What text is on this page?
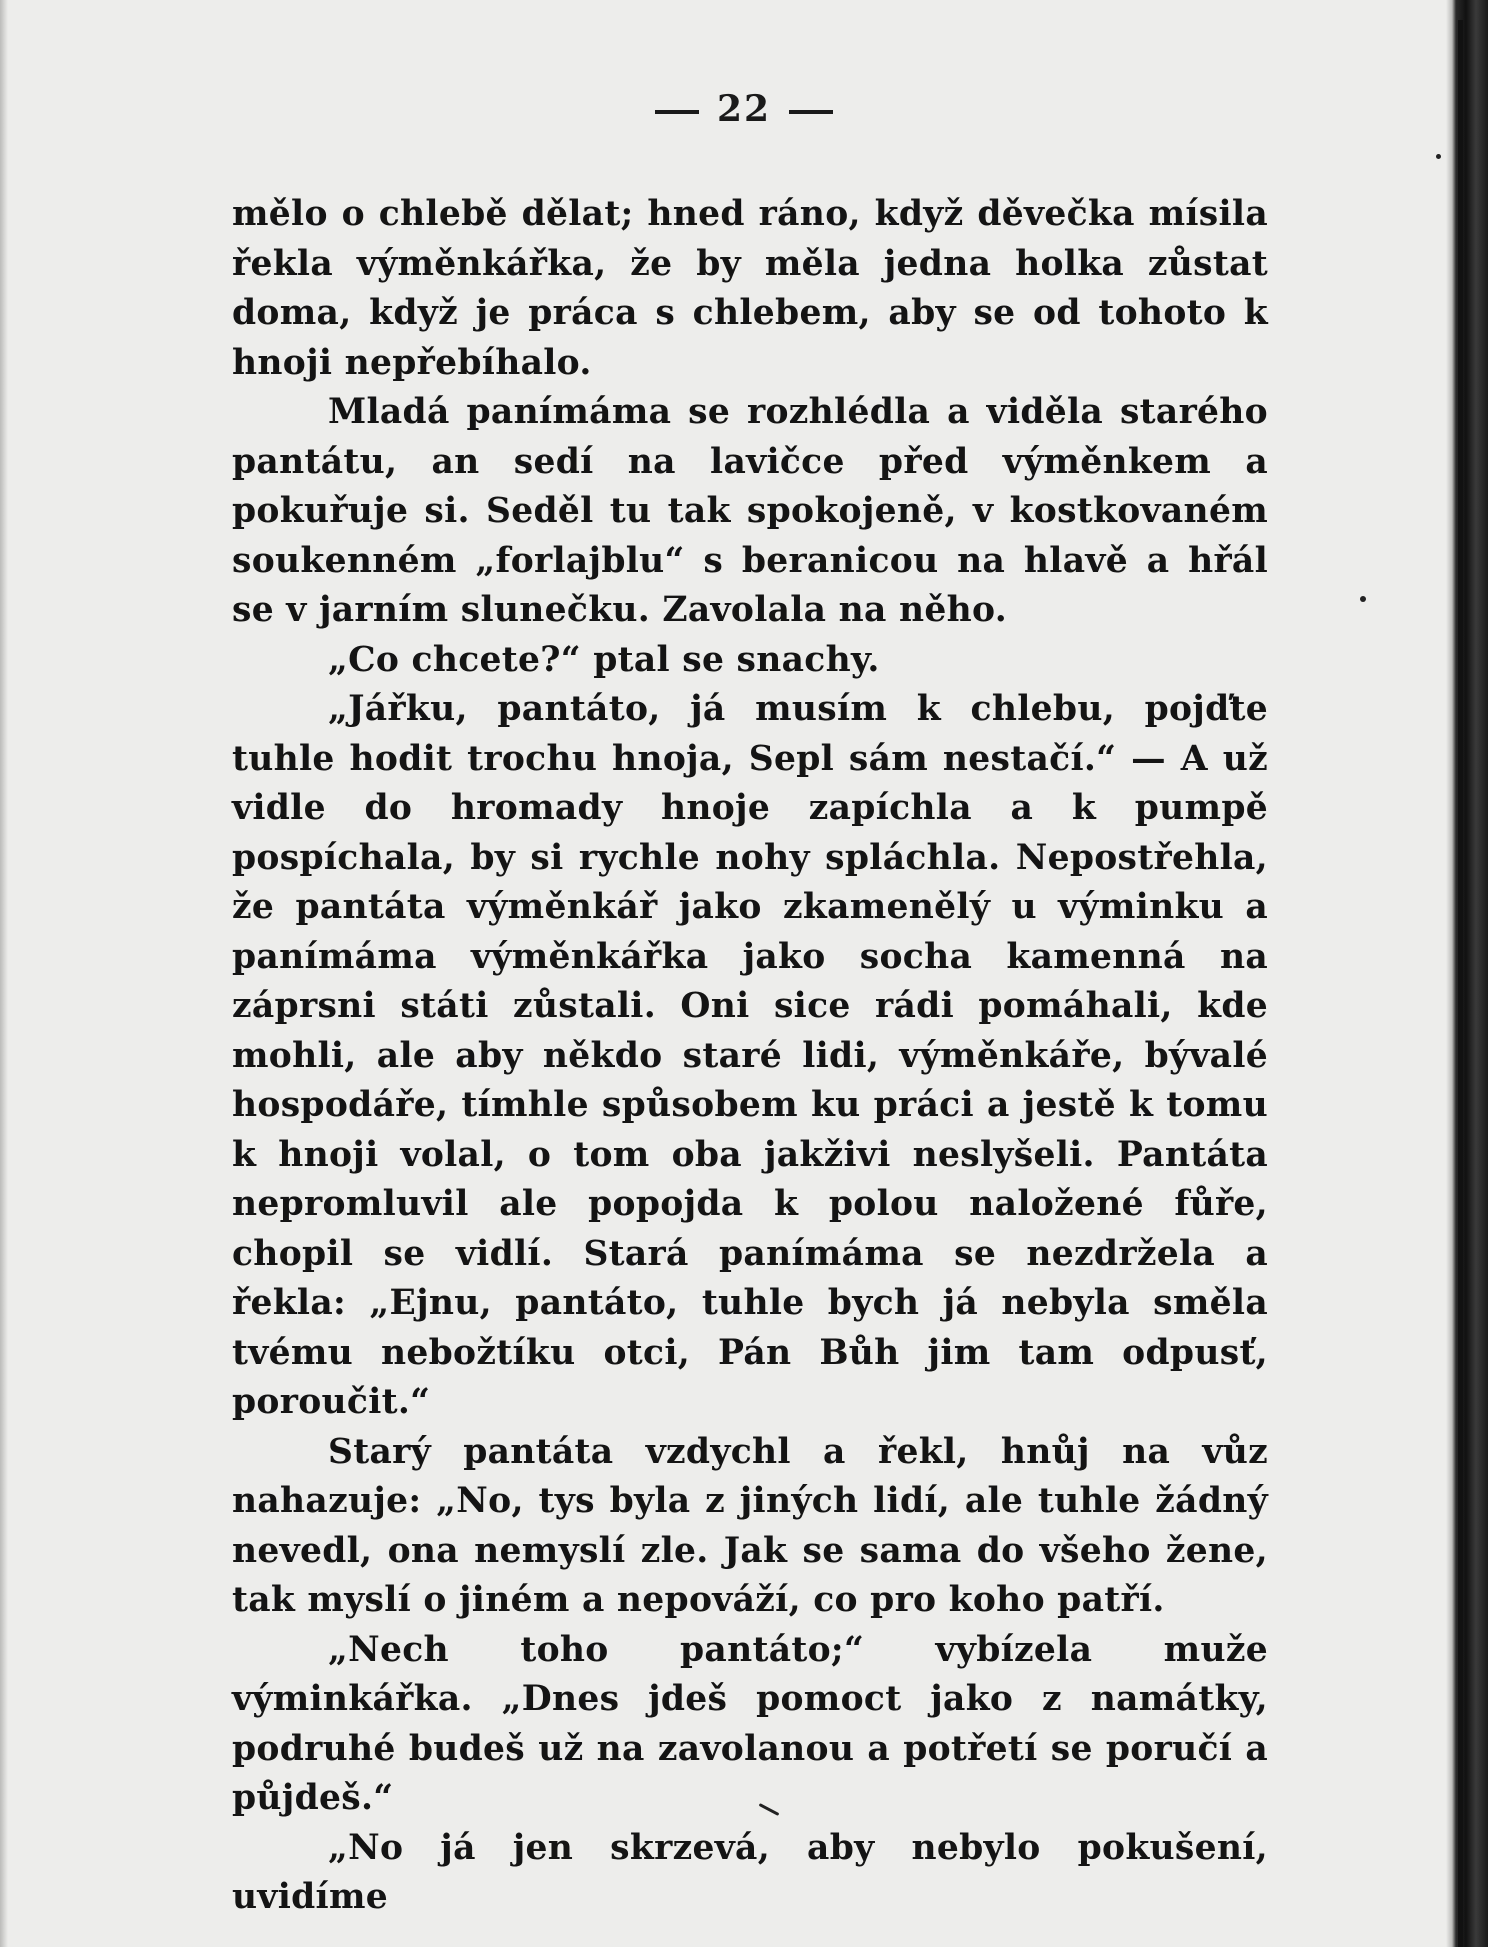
22

mělo o chlebě dělat; hned ráno, když děvečka mísila řekla výměnkářka, že by měla jedna holka zůstat doma, když je práca s chlebem, aby se od tohoto k hnoji nepřebíhalo.

Mladá panímáma se rozhlédla a viděla starého pantátu, an sedí na lavičce před výměnkem a pokuřuje si. Seděl tu tak spokojeně, v kostkovaném soukenném „forlajblu“ s beranicou na hlavě a hřál se v jarním slunečku. Zavolala na něho.

„Co chcete?“ ptal se snachy.

„Jářku, pantáto, já musím k chlebu, pojďte tuhle hodit trochu hnoja, Sepl sám nestačí.“ — A už vidle do hromady hnoje zapíchla a k pumpě pospíchala, by si rychle nohy spláchla. Nepostřehla, že pantáta výměnkář jako zkamenělý u výminku a panímáma výměnkářka jako socha kamenná na záprsni státi zůstali. Oni sice rádi pomáhali, kde mohli, ale aby někdo staré lidi, výměnkáře, bývalé hospodáře, tímhle spůsobem ku práci a jestě k tomu k hnoji volal, o tom oba jakživi neslyšeli. Pantáta nepromluvil ale popojda k polou naložené fůře, chopil se vidlí. Stará panímáma se nezdržela a řekla: „Ejnu, pantáto, tuhle bych já nebyla směla tvému nebožtíku otci, Pán Bůh jim tam odpusť, poroučit.“

Starý pantáta vzdychl a řekl, hnůj na vůz nahazuje: „No, tys byla z jiných lidí, ale tuhle žádný nevedl, ona nemyslí zle. Jak se sama do všeho žene, tak myslí o jiném a nepováží, co pro koho patří.

„Nech toho pantáto;“ vybízela muže výminkářka. „Dnes jdeš pomoct jako z namátky, podruhé budeš už na zavolanou a potřetí se poručí a půjdeš.“

„No já jen skrzevá, aby nebylo pokušení, uvidíme
